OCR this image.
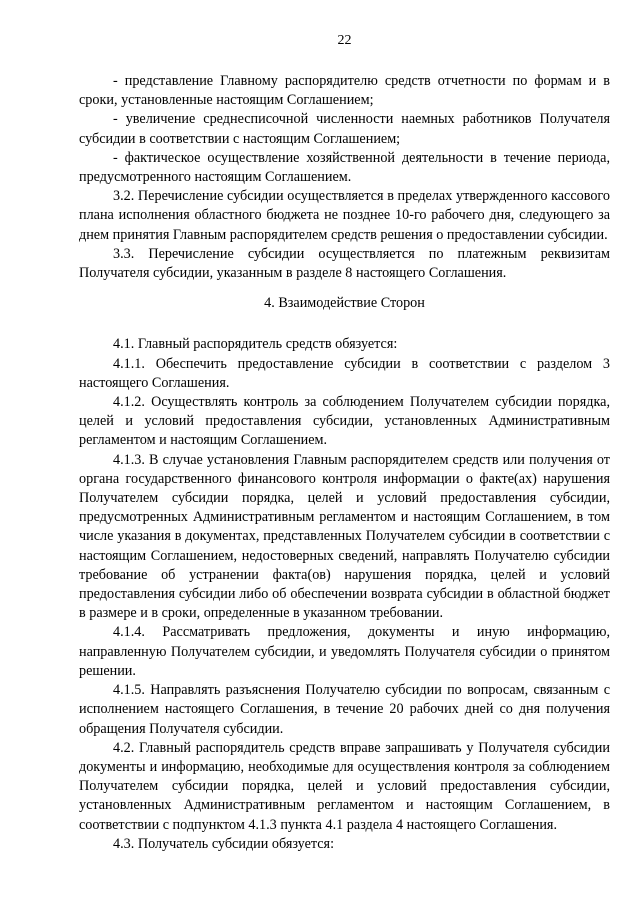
22

- представление Главному распорядителю средств отчетности по формам и в сроки, установленные настоящим Соглашением;

- увеличение среднесписочной численности наемных работников Получателя субсидии в соответствии с настоящим Соглашением;

- фактическое осуществление хозяйственной деятельности в течение периода, предусмотренного настоящим Соглашением.

3.2. Перечисление субсидии осуществляется в пределах утвержденного кассового плана исполнения областного бюджета не позднее 10-го рабочего дня, следующего за днем принятия Главным распорядителем средств решения о предоставлении субсидии.

3.3. Перечисление субсидии осуществляется по платежным реквизитам Получателя субсидии, указанным в разделе 8 настоящего Соглашения.

4. Взаимодействие Сторон

4.1. Главный распорядитель средств обязуется:

4.1.1. Обеспечить предоставление субсидии в соответствии с разделом 3 настоящего Соглашения.

4.1.2. Осуществлять контроль за соблюдением Получателем субсидии порядка, целей и условий предоставления субсидии, установленных Административным регламентом и настоящим Соглашением.

4.1.3. В случае установления Главным распорядителем средств или получения от органа государственного финансового контроля информации о факте(ах) нарушения Получателем субсидии порядка, целей и условий предоставления субсидии, предусмотренных Административным регламентом и настоящим Соглашением, в том числе указания в документах, представленных Получателем субсидии в соответствии с настоящим Соглашением, недостоверных сведений, направлять Получателю субсидии требование об устранении факта(ов) нарушения порядка, целей и условий предоставления субсидии либо об обеспечении возврата субсидии в областной бюджет в размере и в сроки, определенные в указанном требовании.

4.1.4. Рассматривать предложения, документы и иную информацию, направленную Получателем субсидии, и уведомлять Получателя субсидии о принятом решении.

4.1.5. Направлять разъяснения Получателю субсидии по вопросам, связанным с исполнением настоящего Соглашения, в течение 20 рабочих дней со дня получения обращения Получателя субсидии.

4.2. Главный распорядитель средств вправе запрашивать у Получателя субсидии документы и информацию, необходимые для осуществления контроля за соблюдением Получателем субсидии порядка, целей и условий предоставления субсидии, установленных Административным регламентом и настоящим Соглашением, в соответствии с подпунктом 4.1.3 пункта 4.1 раздела 4 настоящего Соглашения.

4.3. Получатель субсидии обязуется:
